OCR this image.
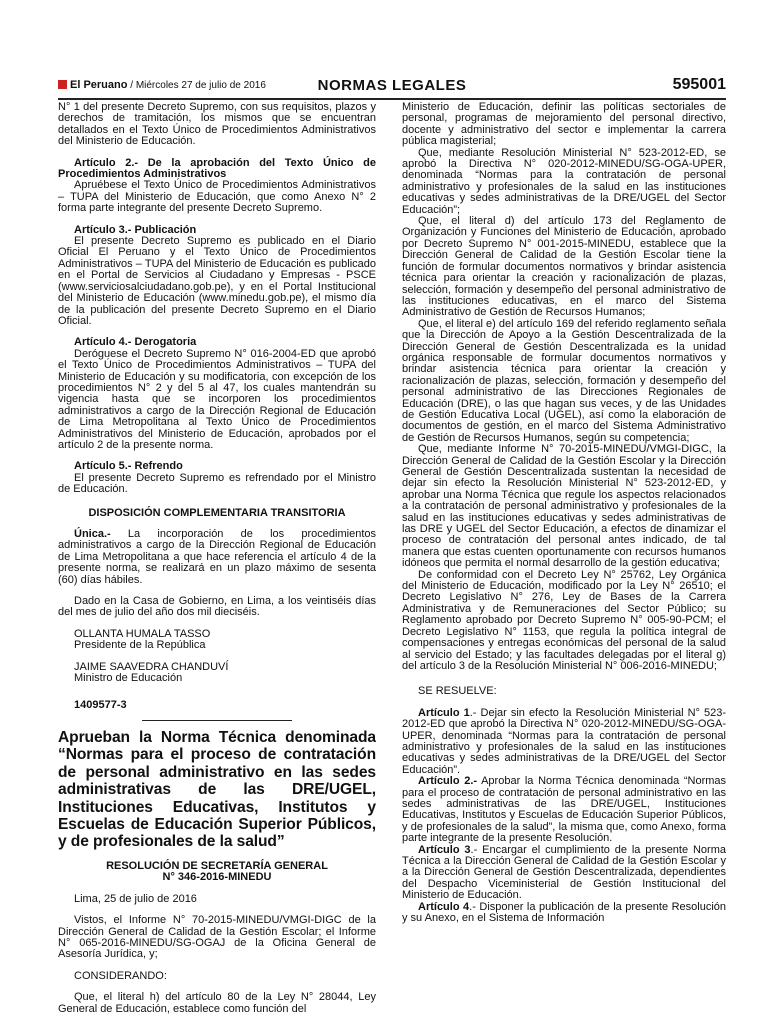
El Peruano / Miércoles 27 de julio de 2016	NORMAS LEGALES	595001

N° 1 del presente Decreto Supremo, con sus requisitos, plazos y derechos de tramitación, los mismos que se encuentran detallados en el Texto Único de Procedimientos Administrativos del Ministerio de Educación.

Artículo 2.- De la aprobación del Texto Único de Procedimientos Administrativos

Apruébese el Texto Único de Procedimientos Administrativos – TUPA del Ministerio de Educación, que como Anexo N° 2 forma parte integrante del presente Decreto Supremo.

Artículo 3.- Publicación

El presente Decreto Supremo es publicado en el Diario Oficial El Peruano y el Texto Único de Procedimientos Administrativos – TUPA del Ministerio de Educación es publicado en el Portal de Servicios al Ciudadano y Empresas - PSCE (www.serviciosalciudadano.gob.pe), y en el Portal Institucional del Ministerio de Educación (www.minedu.gob.pe), el mismo día de la publicación del presente Decreto Supremo en el Diario Oficial.

Artículo 4.- Derogatoria

Deróguese el Decreto Supremo N° 016-2004-ED que aprobó el Texto Único de Procedimientos Administrativos – TUPA del Ministerio de Educación y su modificatoria, con excepción de los procedimientos N° 2 y del 5 al 47, los cuales mantendrán su vigencia hasta que se incorporen los procedimientos administrativos a cargo de la Dirección Regional de Educación de Lima Metropolitana al Texto Único de Procedimientos Administrativos del Ministerio de Educación, aprobados por el artículo 2 de la presente norma.

Artículo 5.- Refrendo

El presente Decreto Supremo es refrendado por el Ministro de Educación.

DISPOSICIÓN COMPLEMENTARIA TRANSITORIA

Única.- La incorporación de los procedimientos administrativos a cargo de la Dirección Regional de Educación de Lima Metropolitana a que hace referencia el artículo 4 de la presente norma, se realizará en un plazo máximo de sesenta (60) días hábiles.

Dado en la Casa de Gobierno, en Lima, a los veintiséis días del mes de julio del año dos mil dieciséis.

OLLANTA HUMALA TASSO

Presidente de la República

JAIME SAAVEDRA CHANDUVÍ

Ministro de Educación

1409577-3

Aprueban la Norma Técnica denominada “Normas para el proceso de contratación de personal administrativo en las sedes administrativas de las DRE/UGEL, Instituciones Educativas, Institutos y Escuelas de Educación Superior Públicos, y de profesionales de la salud”

RESOLUCIÓN DE SECRETARÍA GENERAL

N° 346-2016-MINEDU

Lima, 25 de julio de 2016

Vistos, el Informe N° 70-2015-MINEDU/VMGI-DIGC de la Dirección General de Calidad de la Gestión Escolar; el Informe N° 065-2016-MINEDU/SG-OGAJ de la Oficina General de Asesoría Jurídica, y;

CONSIDERANDO:

Que, el literal h) del artículo 80 de la Ley N° 28044, Ley General de Educación, establece como función del

Ministerio de Educación, definir las políticas sectoriales de personal, programas de mejoramiento del personal directivo, docente y administrativo del sector e implementar la carrera pública magisterial;

Que, mediante Resolución Ministerial N° 523-2012-ED, se aprobó la Directiva N° 020-2012-MINEDU/SG-OGA-UPER, denominada “Normas para la contratación de personal administrativo y profesionales de la salud en las instituciones educativas y sedes administrativas de la DRE/UGEL del Sector Educación”;

Que, el literal d) del artículo 173 del Reglamento de Organización y Funciones del Ministerio de Educación, aprobado por Decreto Supremo N° 001-2015-MINEDU, establece que la Dirección General de Calidad de la Gestión Escolar tiene la función de formular documentos normativos y brindar asistencia técnica para orientar la creación y racionalización de plazas, selección, formación y desempeño del personal administrativo de las instituciones educativas, en el marco del Sistema Administrativo de Gestión de Recursos Humanos;

Que, el literal e) del artículo 169 del referido reglamento señala que la Dirección de Apoyo a la Gestión Descentralizada de la Dirección General de Gestión Descentralizada es la unidad orgánica responsable de formular documentos normativos y brindar asistencia técnica para orientar la creación y racionalización de plazas, selección, formación y desempeño del personal administrativo de las Direcciones Regionales de Educación (DRE), o las que hagan sus veces, y de las Unidades de Gestión Educativa Local (UGEL), así como la elaboración de documentos de gestión, en el marco del Sistema Administrativo de Gestión de Recursos Humanos, según su competencia;

Que, mediante Informe N° 70-2015-MINEDU/VMGI-DIGC, la Dirección General de Calidad de la Gestión Escolar y la Dirección General de Gestión Descentralizada sustentan la necesidad de dejar sin efecto la Resolución Ministerial N° 523-2012-ED, y aprobar una Norma Técnica que regule los aspectos relacionados a la contratación de personal administrativo y profesionales de la salud en las instituciones educativas y sedes administrativas de las DRE y UGEL del Sector Educación, a efectos de dinamizar el proceso de contratación del personal antes indicado, de tal manera que estas cuenten oportunamente con recursos humanos idóneos que permita el normal desarrollo de la gestión educativa;

De conformidad con el Decreto Ley N° 25762, Ley Orgánica del Ministerio de Educación, modificado por la Ley N° 26510; el Decreto Legislativo N° 276, Ley de Bases de la Carrera Administrativa y de Remuneraciones del Sector Público; su Reglamento aprobado por Decreto Supremo N° 005-90-PCM; el Decreto Legislativo N° 1153, que regula la política integral de compensaciones y entregas económicas del personal de la salud al servicio del Estado; y las facultades delegadas por el literal g) del artículo 3 de la Resolución Ministerial N° 006-2016-MINEDU;

SE RESUELVE:

Artículo 1.- Dejar sin efecto la Resolución Ministerial N° 523-2012-ED que aprobó la Directiva N° 020-2012-MINEDU/SG-OGA-UPER, denominada “Normas para la contratación de personal administrativo y profesionales de la salud en las instituciones educativas y sedes administrativas de la DRE/UGEL del Sector Educación”.

Artículo 2.- Aprobar la Norma Técnica denominada “Normas para el proceso de contratación de personal administrativo en las sedes administrativas de las DRE/UGEL, Instituciones Educativas, Institutos y Escuelas de Educación Superior Públicos, y de profesionales de la salud”, la misma que, como Anexo, forma parte integrante de la presente Resolución.

Artículo 3.- Encargar el cumplimiento de la presente Norma Técnica a la Dirección General de Calidad de la Gestión Escolar y a la Dirección General de Gestión Descentralizada, dependientes del Despacho Viceministerial de Gestión Institucional del Ministerio de Educación.

Artículo 4.- Disponer la publicación de la presente Resolución y su Anexo, en el Sistema de Información
